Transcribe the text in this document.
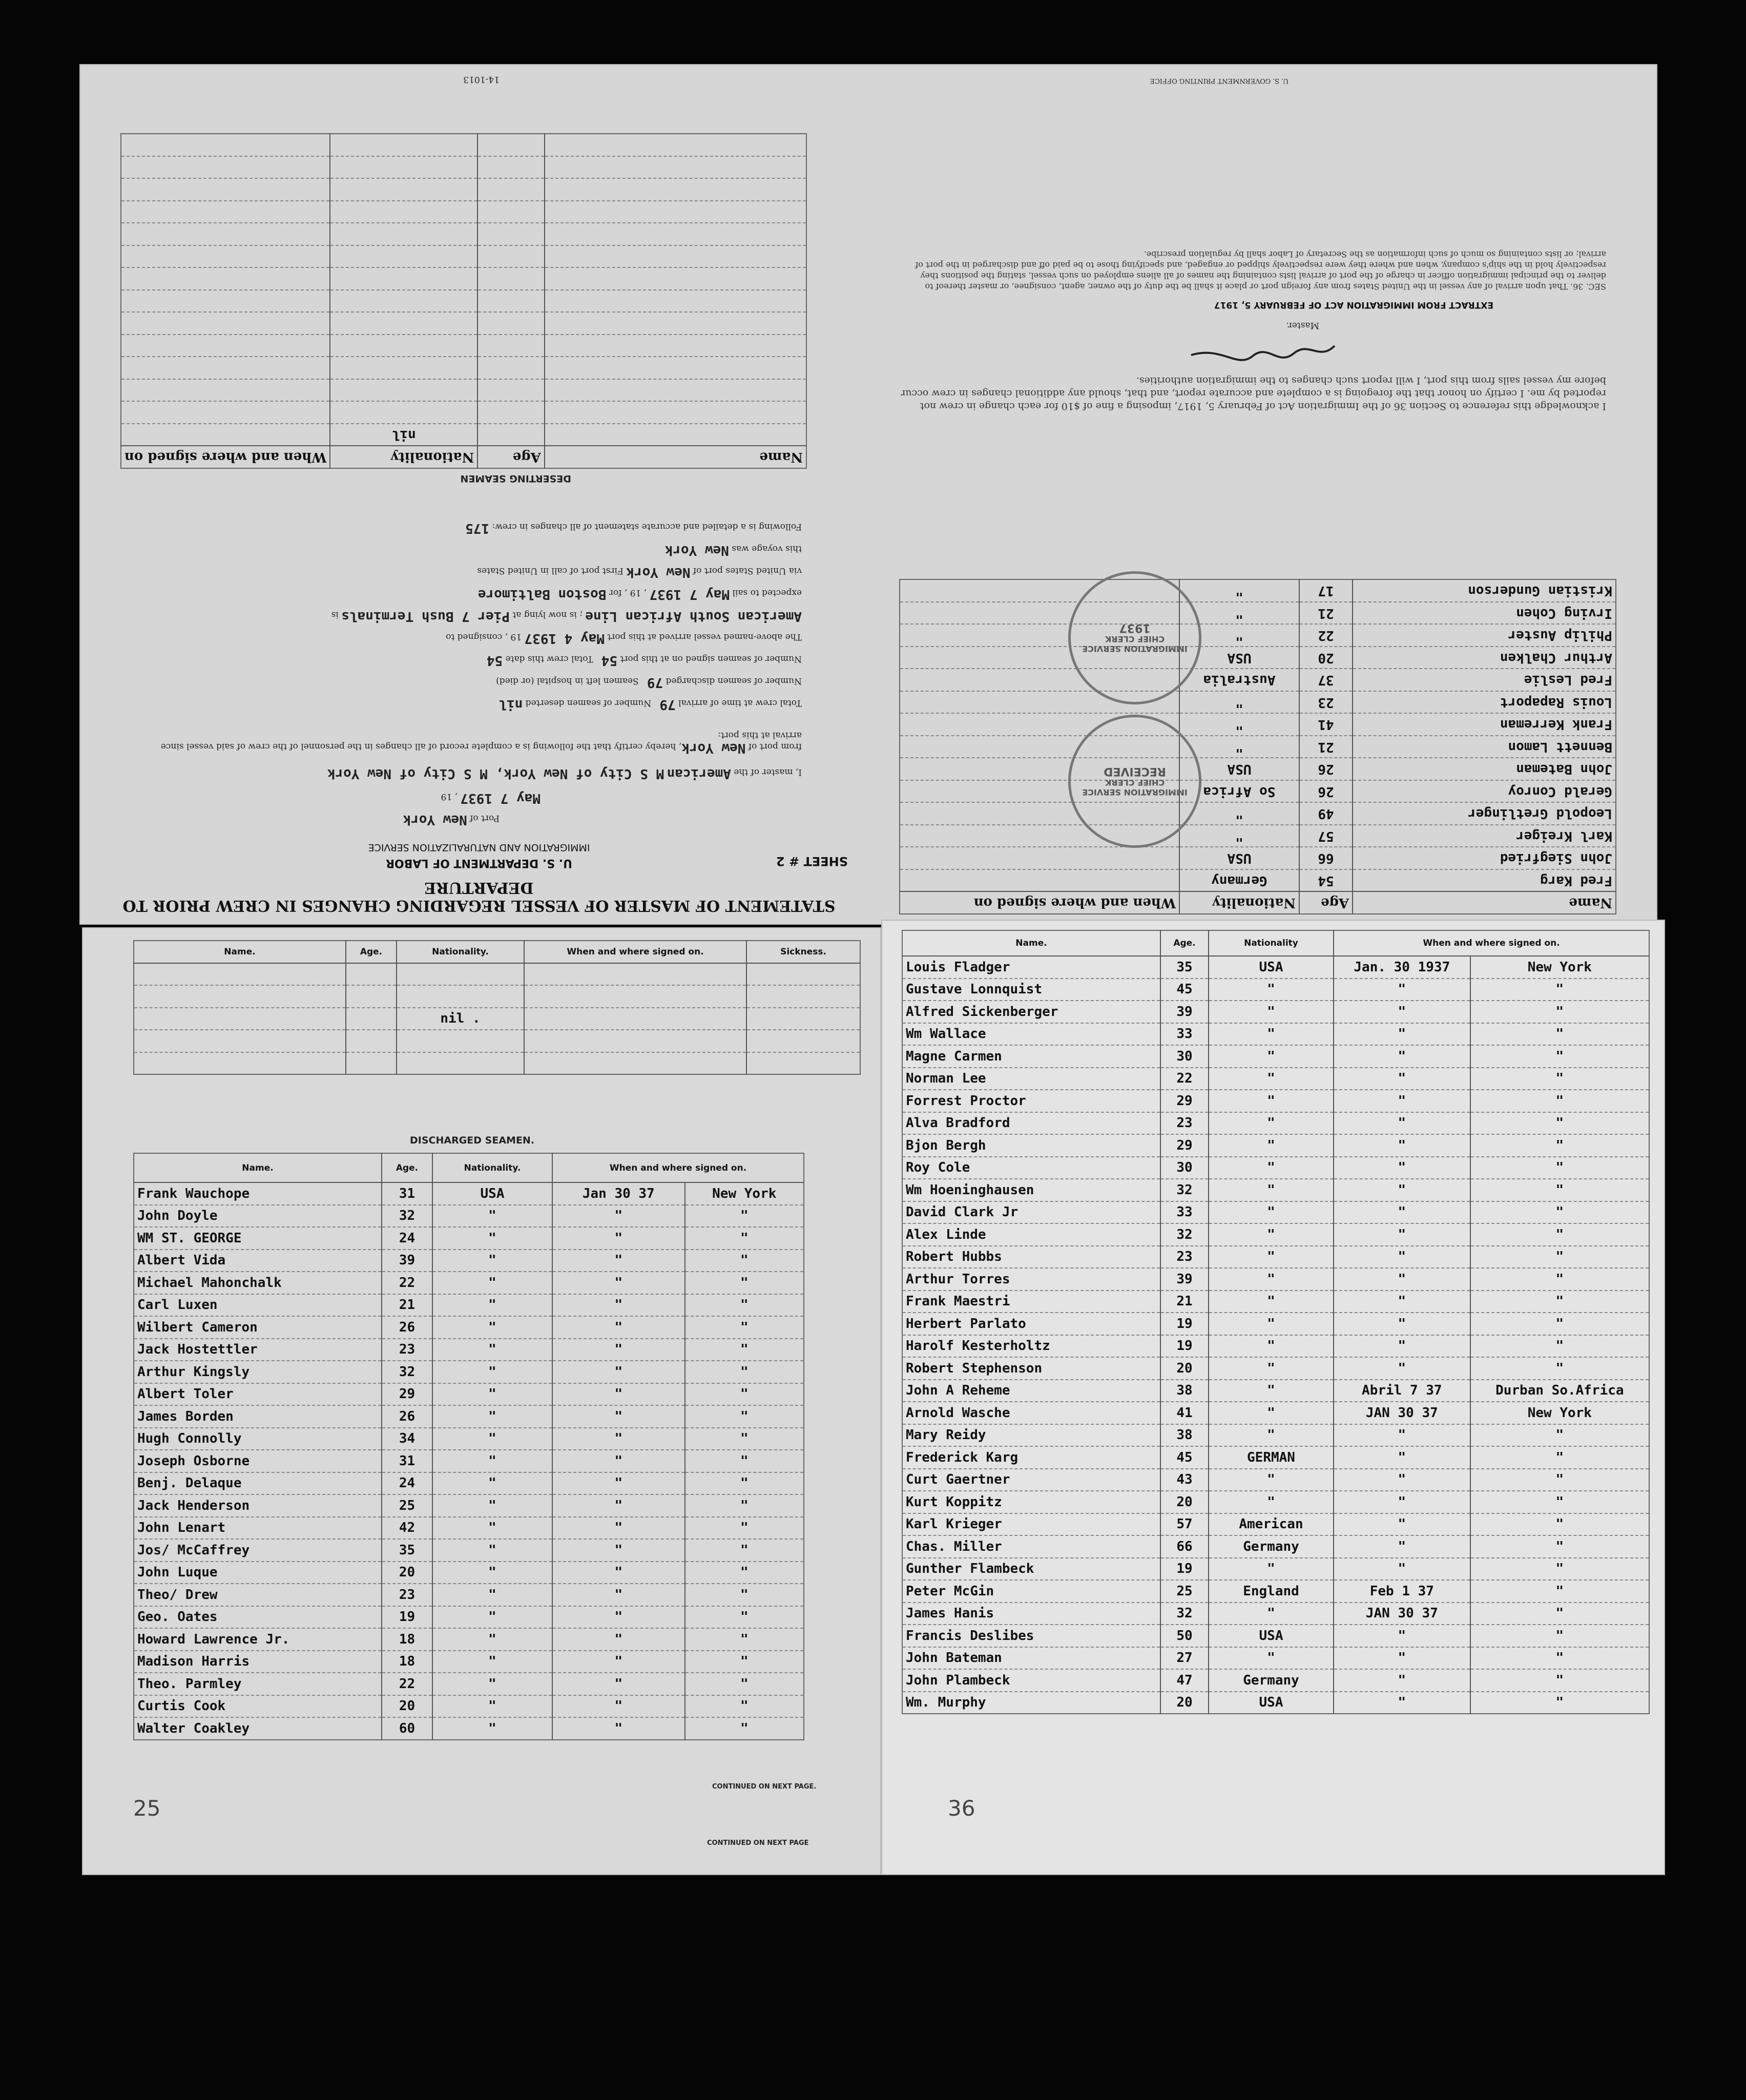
STATEMENT OF MASTER OF VESSEL REGARDING CHANGES IN CREW PRIOR TO DEPARTURE
U. S. DEPARTMENT OF LABOR
IMMIGRATION AND NATURALIZATION SERVICE
SHEET # 2
Port of New York
May 7 1937 , 19
I, master of the American M S City of New York, M S City of New York
from port of New York, hereby certify that the following is a complete record of all changes in the personnel of the crew of said vessel since arrival at this port:
Total crew at time of arrival 79   Number of seamen deserted nil
Number of seamen discharged 79   Seamen left in hospital (or died)
Number of seamen signed on at this port 54   Total crew this date 54
The above-named vessel arrived at this port May 4 1937 19 , consigned to
American South African Line ; is now lying at Pier 7 Bush Terminals is
expected to sail May 7 1937 , 19 , for Boston Baltimore
via United States port of New York First port of call in United States
this voyage was New York
Following is a detailed and accurate statement of all changes in crew: 175
DESERTING SEAMEN
Name	Age	Nationality	When and where signed on
		nil	

14-1013
Name	Age	Nationality	When and where signed on
Fred Karg	54	Germany	
John Siegfried	66	USA	
Karl Kreiger	57	"	
Leopold Gretlinger	49	"	
Gerald Conroy	26	So Africa	
John Bateman	26	USA	
Bennett Lamon	21	"	
Frank Kerreman	41	"	
Louis Rapaport	23	"	
Fred Leslie	37	Australia	
Arthur Chalken	20	USA	
Philip Auster	22	"	
Irving Cohen	21	"	
Kristian Gunderson	17	"	
IMMIGRATION SERVICE CHIEF CLERK
RECEIVED
IMMIGRATION SERVICE CHIEF CLERK
1937
I acknowledge this reference to Section 36 of the Immigration Act of February 5, 1917, imposing a fine of $10 for each change in crew not reported by me. I certify on honor that the foregoing is a complete and accurate report, and that, should any additional changes in crew occur before my vessel sails from this port, I will report such changes to the immigration authorities.
Master.
EXTRACT FROM IMMIGRATION ACT OF FEBRUARY 5, 1917
SEC. 36. That upon arrival of any vessel in the United States from any foreign port or place it shall be the duty of the owner, agent, consignee, or master thereof to deliver to the principal immigration officer in charge of the port of arrival lists containing the names of all aliens employed on such vessel, stating the positions they respectively hold in the ship's company, when and where they were respectively shipped or engaged, and specifying those to be paid off and discharged in the port of arrival; or lists containing so much of such information as the Secretary of Labor shall by regulation prescribe.
U. S. GOVERNMENT PRINTING OFFICE
Name.	Age.	Nationality.	When and where signed on.	Sickness.

		nil .		

DISCHARGED SEAMEN.
Name.	Age.	Nationality.	When and where signed on.	
Frank Wauchope	31	USA	Jan 30 37	New York
John Doyle	32	"	"	"
WM ST. GEORGE	24	"	"	"
Albert Vida	39	"	"	"
Michael Mahonchalk	22	"	"	"
Carl Luxen	21	"	"	"
Wilbert Cameron	26	"	"	"
Jack Hostettler	23	"	"	"
Arthur Kingsly	32	"	"	"
Albert Toler	29	"	"	"
James Borden	26	"	"	"
Hugh Connolly	34	"	"	"
Joseph Osborne	31	"	"	"
Benj. Delaque	24	"	"	"
Jack Henderson	25	"	"	"
John Lenart	42	"	"	"
Jos/ McCaffrey	35	"	"	"
John Luque	20	"	"	"
Theo/ Drew	23	"	"	"
Geo. Oates	19	"	"	"
Howard Lawrence Jr.	18	"	"	"
Madison Harris	18	"	"	"
Theo. Parmley	22	"	"	"
Curtis Cook	20	"	"	"
Walter Coakley	60	"	"	"
CONTINUED ON NEXT PAGE.
CONTINUED ON NEXT PAGE
25
Name.	Age.	Nationality	When and where signed on.	
Louis Fladger	35	USA	Jan. 30 1937	New York
Gustave Lonnquist	45	"	"	"
Alfred Sickenberger	39	"	"	"
Wm Wallace	33	"	"	"
Magne Carmen	30	"	"	"
Norman Lee	22	"	"	"
Forrest Proctor	29	"	"	"
Alva Bradford	23	"	"	"
Bjon Bergh	29	"	"	"
Roy Cole	30	"	"	"
Wm Hoeninghausen	32	"	"	"
David Clark Jr	33	"	"	"
Alex Linde	32	"	"	"
Robert Hubbs	23	"	"	"
Arthur Torres	39	"	"	"
Frank Maestri	21	"	"	"
Herbert Parlato	19	"	"	"
Harolf Kesterholtz	19	"	"	"
Robert Stephenson	20	"	"	"
John A Reheme	38	"	Abril 7 37	Durban So.Africa
Arnold Wasche	41	"	JAN 30 37	New York
Mary Reidy	38	"	"	"
Frederick Karg	45	GERMAN	"	"
Curt Gaertner	43	"	"	"
Kurt Koppitz	20	"	"	"
Karl Krieger	57	American	"	"
Chas. Miller	66	Germany	"	"
Gunther Flambeck	19	"	"	"
Peter McGin	25	England	Feb 1 37	"
James Hanis	32	"	JAN 30 37	"
Francis Deslibes	50	USA	"	"
John Bateman	27	"	"	"
John Plambeck	47	Germany	"	"
Wm. Murphy	20	USA	"	"
36
